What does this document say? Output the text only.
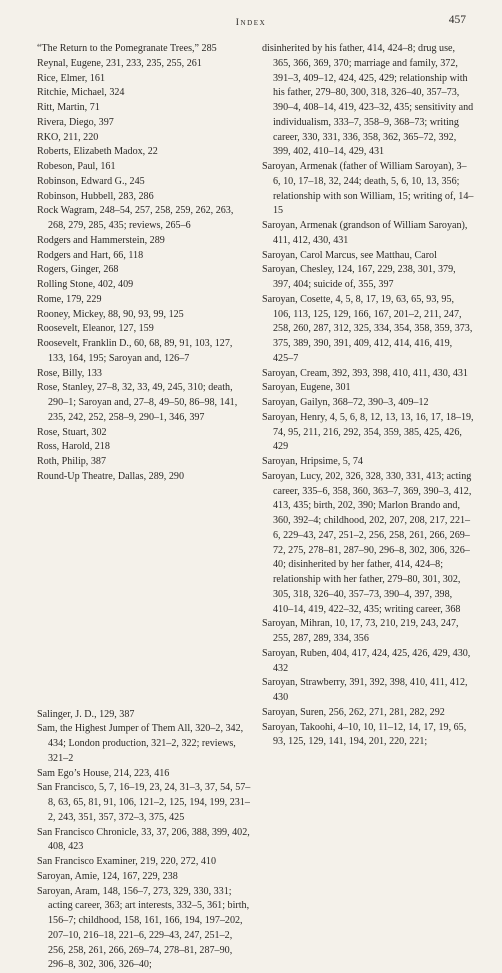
Index	457

“The Return to the Pomegranate Trees,” 285

Reynal, Eugene, 231, 233, 235, 255, 261

Rice, Elmer, 161

Ritchie, Michael, 324

Ritt, Martin, 71

Rivera, Diego, 397

RKO, 211, 220

Roberts, Elizabeth Madox, 22

Robeson, Paul, 161

Robinson, Edward G., 245

Robinson, Hubbell, 283, 286

Rock Wagram, 248–54, 257, 258, 259, 262, 263, 268, 279, 285, 435; reviews, 265–6

Rodgers and Hammerstein, 289

Rodgers and Hart, 66, 118

Rogers, Ginger, 268

Rolling Stone, 402, 409

Rome, 179, 229

Rooney, Mickey, 88, 90, 93, 99, 125

Roosevelt, Eleanor, 127, 159

Roosevelt, Franklin D., 60, 68, 89, 91, 103, 127, 133, 164, 195; Saroyan and, 126–7

Rose, Billy, 133

Rose, Stanley, 27–8, 32, 33, 49, 245, 310; death, 290–1; Saroyan and, 27–8, 49–50, 86–98, 141, 235, 242, 252, 258–9, 290–1, 346, 397

Rose, Stuart, 302

Ross, Harold, 218

Roth, Philip, 387

Round-Up Theatre, Dallas, 289, 290

Salinger, J. D., 129, 387

Sam, the Highest Jumper of Them All, 320–2, 342, 434; London production, 321–2, 322; reviews, 321–2

Sam Ego’s House, 214, 223, 416

San Francisco, 5, 7, 16–19, 23, 24, 31–3, 37, 54, 57–8, 63, 65, 81, 91, 106, 121–2, 125, 194, 199, 231–2, 243, 351, 357, 372–3, 375, 425

San Francisco Chronicle, 33, 37, 206, 388, 399, 402, 408, 423

San Francisco Examiner, 219, 220, 272, 410

Saroyan, Amie, 124, 167, 229, 238

Saroyan, Aram, 148, 156–7, 273, 329, 330, 331; acting career, 363; art interests, 332–5, 361; birth, 156–7; childhood, 158, 161, 166, 194, 197–202, 207–10, 216–18, 221–6, 229–43, 247, 251–2, 256, 258, 261, 266, 269–74, 278–81, 287–90, 296–8, 302, 306, 326–40;

disinherited by his father, 414, 424–8; drug use, 365, 366, 369, 370; marriage and family, 372, 391–3, 409–12, 424, 425, 429; relationship with his father, 279–80, 300, 318, 326–40, 357–73, 390–4, 408–14, 419, 423–32, 435; sensitivity and individualism, 333–7, 358–9, 368–73; writing career, 330, 331, 336, 358, 362, 365–72, 392, 399, 402, 410–14, 429, 431

Saroyan, Armenak (father of William Saroyan), 3–6, 10, 17–18, 32, 244; death, 5, 6, 10, 13, 356; relationship with son William, 15; writing of, 14–15

Saroyan, Armenak (grandson of William Saroyan), 411, 412, 430, 431

Saroyan, Carol Marcus, see Matthau, Carol

Saroyan, Chesley, 124, 167, 229, 238, 301, 379, 397, 404; suicide of, 355, 397

Saroyan, Cosette, 4, 5, 8, 17, 19, 63, 65, 93, 95, 106, 113, 125, 129, 166, 167, 201–2, 211, 247, 258, 260, 287, 312, 325, 334, 354, 358, 359, 373, 375, 389, 390, 391, 409, 412, 414, 416, 419, 425–7

Saroyan, Cream, 392, 393, 398, 410, 411, 430, 431

Saroyan, Eugene, 301

Saroyan, Gailyn, 368–72, 390–3, 409–12

Saroyan, Henry, 4, 5, 6, 8, 12, 13, 13, 16, 17, 18–19, 74, 95, 211, 216, 292, 354, 359, 385, 425, 426, 429

Saroyan, Hripsime, 5, 74

Saroyan, Lucy, 202, 326, 328, 330, 331, 413; acting career, 335–6, 358, 360, 363–7, 369, 390–3, 412, 413, 435; birth, 202, 390; Marlon Brando and, 360, 392–4; childhood, 202, 207, 208, 217, 221–6, 229–43, 247, 251–2, 256, 258, 261, 266, 269–72, 275, 278–81, 287–90, 296–8, 302, 306, 326–40; disinherited by her father, 414, 424–8; relationship with her father, 279–80, 301, 302, 305, 318, 326–40, 357–73, 390–4, 397, 398, 410–14, 419, 422–32, 435; writing career, 368

Saroyan, Mihran, 10, 17, 73, 210, 219, 243, 247, 255, 287, 289, 334, 356

Saroyan, Ruben, 404, 417, 424, 425, 426, 429, 430, 432

Saroyan, Strawberry, 391, 392, 398, 410, 411, 412, 430

Saroyan, Suren, 256, 262, 271, 281, 282, 292

Saroyan, Takoohi, 4–10, 10, 11–12, 14, 17, 19, 65, 93, 125, 129, 141, 194, 201, 220, 221;
